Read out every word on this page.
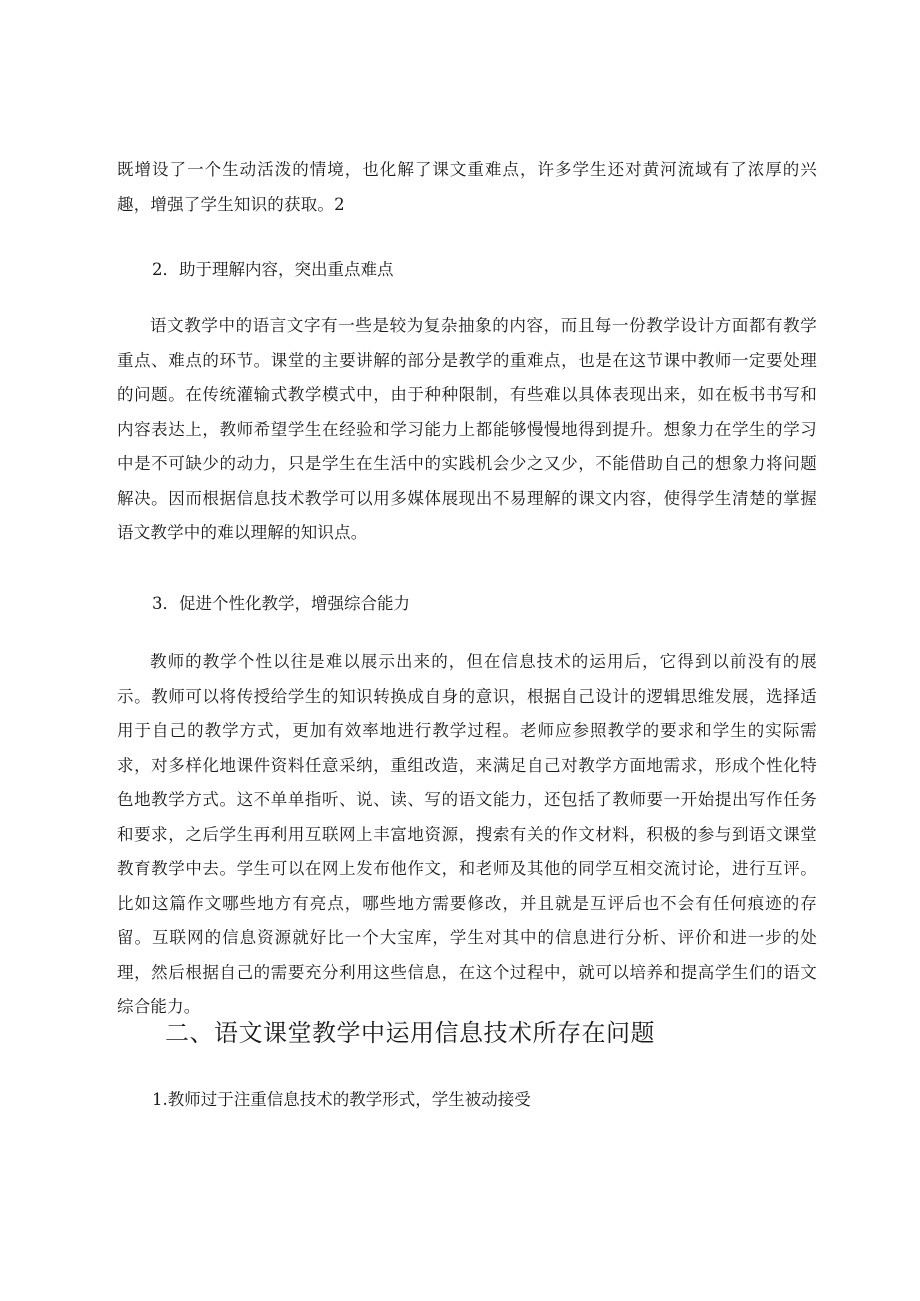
既增设了一个生动活泼的情境，也化解了课文重难点，许多学生还对黄河流域有了浓厚的兴趣，增强了学生知识的获取。2

2．助于理解内容，突出重点难点

语文教学中的语言文字有一些是较为复杂抽象的内容，而且每一份教学设计方面都有教学重点、难点的环节。课堂的主要讲解的部分是教学的重难点，也是在这节课中教师一定要处理的问题。在传统灌输式教学模式中，由于种种限制，有些难以具体表现出来，如在板书书写和内容表达上，教师希望学生在经验和学习能力上都能够慢慢地得到提升。想象力在学生的学习中是不可缺少的动力，只是学生在生活中的实践机会少之又少，不能借助自己的想象力将问题解决。因而根据信息技术教学可以用多媒体展现出不易理解的课文内容，使得学生清楚的掌握语文教学中的难以理解的知识点。

3．促进个性化教学，增强综合能力

教师的教学个性以往是难以展示出来的，但在信息技术的运用后，它得到以前没有的展示。教师可以将传授给学生的知识转换成自身的意识，根据自己设计的逻辑思维发展，选择适用于自己的教学方式，更加有效率地进行教学过程。老师应参照教学的要求和学生的实际需求，对多样化地课件资料任意采纳，重组改造，来满足自己对教学方面地需求，形成个性化特色地教学方式。这不单单指听、说、读、写的语文能力，还包括了教师要一开始提出写作任务和要求，之后学生再利用互联网上丰富地资源，搜索有关的作文材料，积极的参与到语文课堂教育教学中去。学生可以在网上发布他作文，和老师及其他的同学互相交流讨论，进行互评。比如这篇作文哪些地方有亮点，哪些地方需要修改，并且就是互评后也不会有任何痕迹的存留。互联网的信息资源就好比一个大宝库，学生对其中的信息进行分析、评价和进一步的处理，然后根据自己的需要充分利用这些信息，在这个过程中，就可以培养和提高学生们的语文综合能力。

二、语文课堂教学中运用信息技术所存在问题

1.教师过于注重信息技术的教学形式，学生被动接受
